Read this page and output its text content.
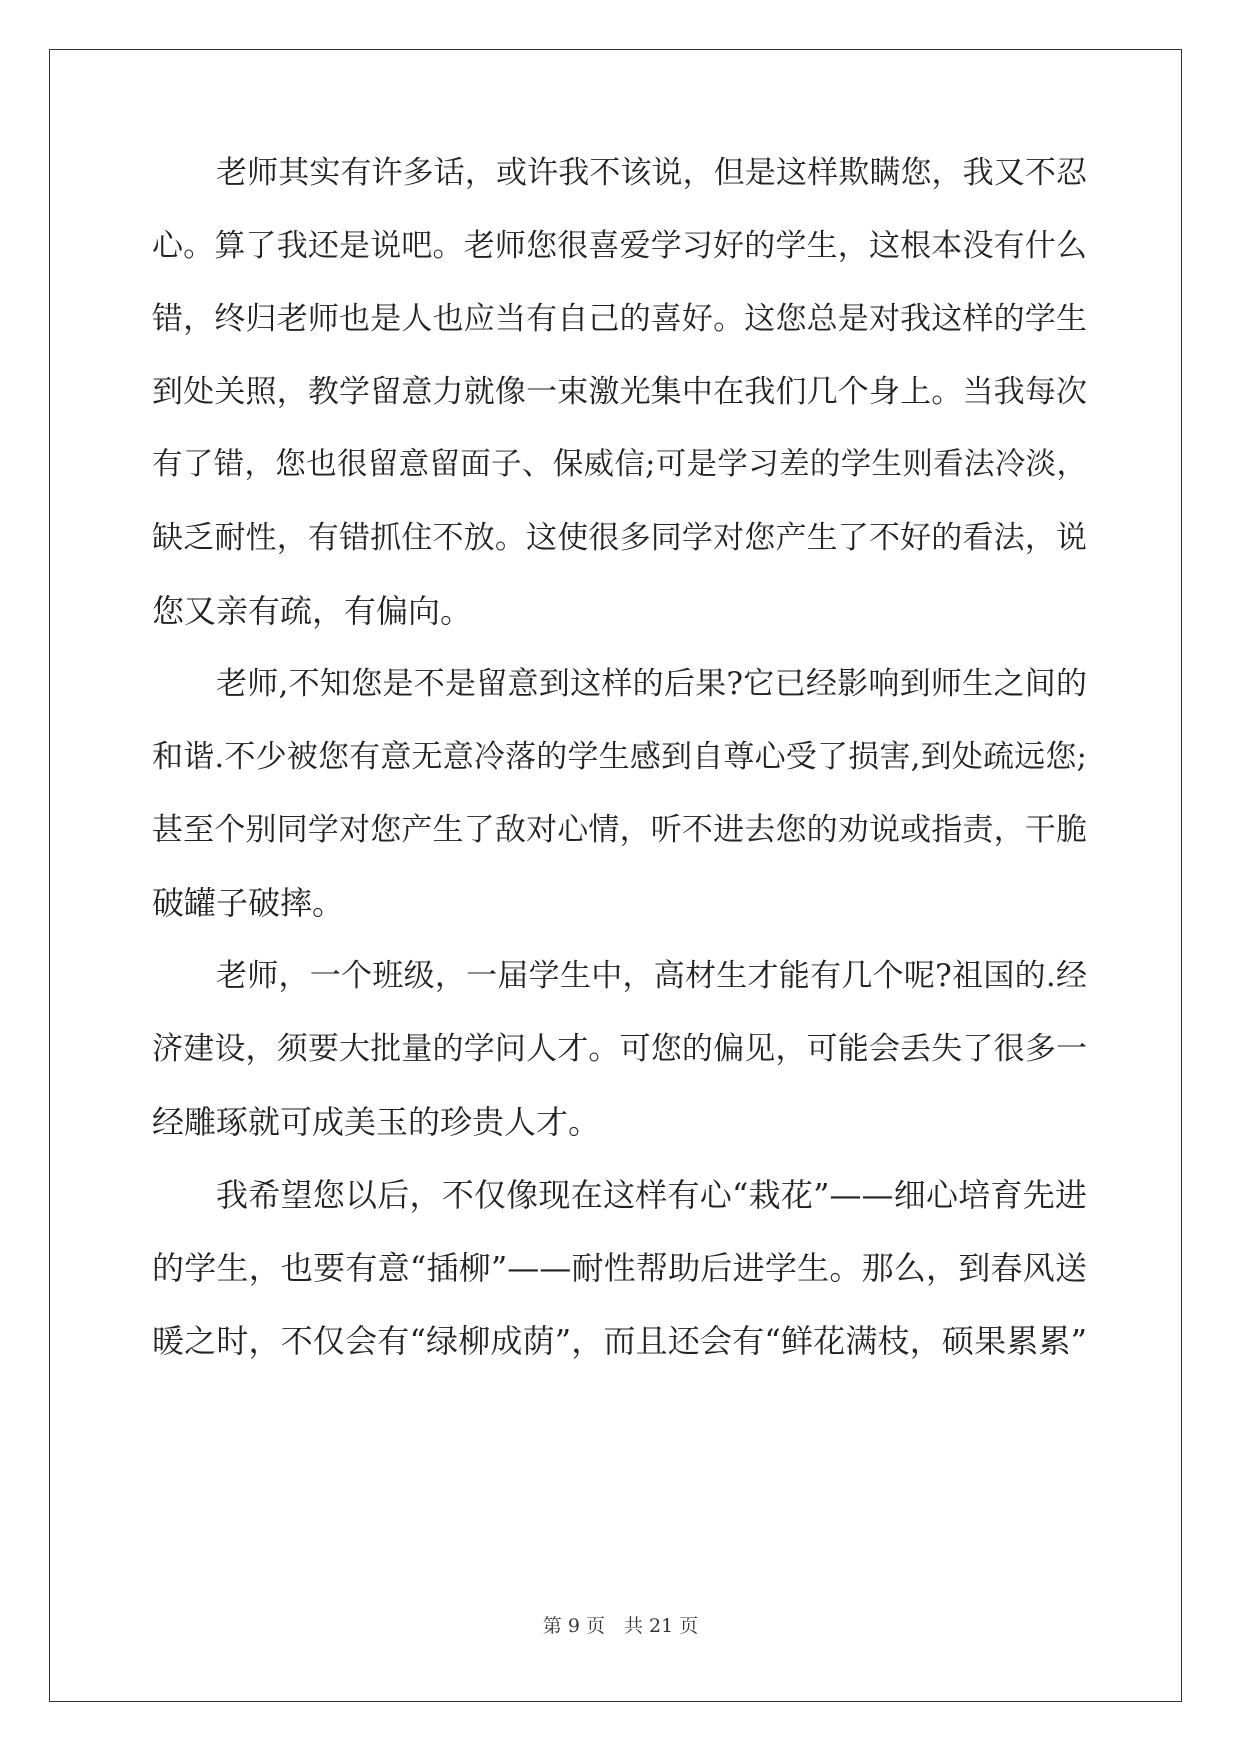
老师其实有许多话，或许我不该说，但是这样欺瞒您，我又不忍
心。算了我还是说吧。老师您很喜爱学习好的学生，这根本没有什么
错，终归老师也是人也应当有自己的喜好。这您总是对我这样的学生
到处关照，教学留意力就像一束激光集中在我们几个身上。当我每次
有了错，您也很留意留面子、保威信;可是学习差的学生则看法冷淡，
缺乏耐性，有错抓住不放。这使很多同学对您产生了不好的看法，说
您又亲有疏，有偏向。
老师,不知您是不是留意到这样的后果?它已经影响到师生之间的
和谐.不少被您有意无意冷落的学生感到自尊心受了损害,到处疏远您;
甚至个别同学对您产生了敌对心情，听不进去您的劝说或指责，干脆
破罐子破摔。
老师，一个班级，一届学生中，高材生才能有几个呢?祖国的.经
济建设，须要大批量的学问人才。可您的偏见，可能会丢失了很多一
经雕琢就可成美玉的珍贵人才。
我希望您以后，不仅像现在这样有心“栽花”——细心培育先进
的学生，也要有意“插柳”——耐性帮助后进学生。那么，到春风送
暖之时，不仅会有“绿柳成荫”，而且还会有“鲜花满枝，硕果累累”
第 9 页　共 21 页
